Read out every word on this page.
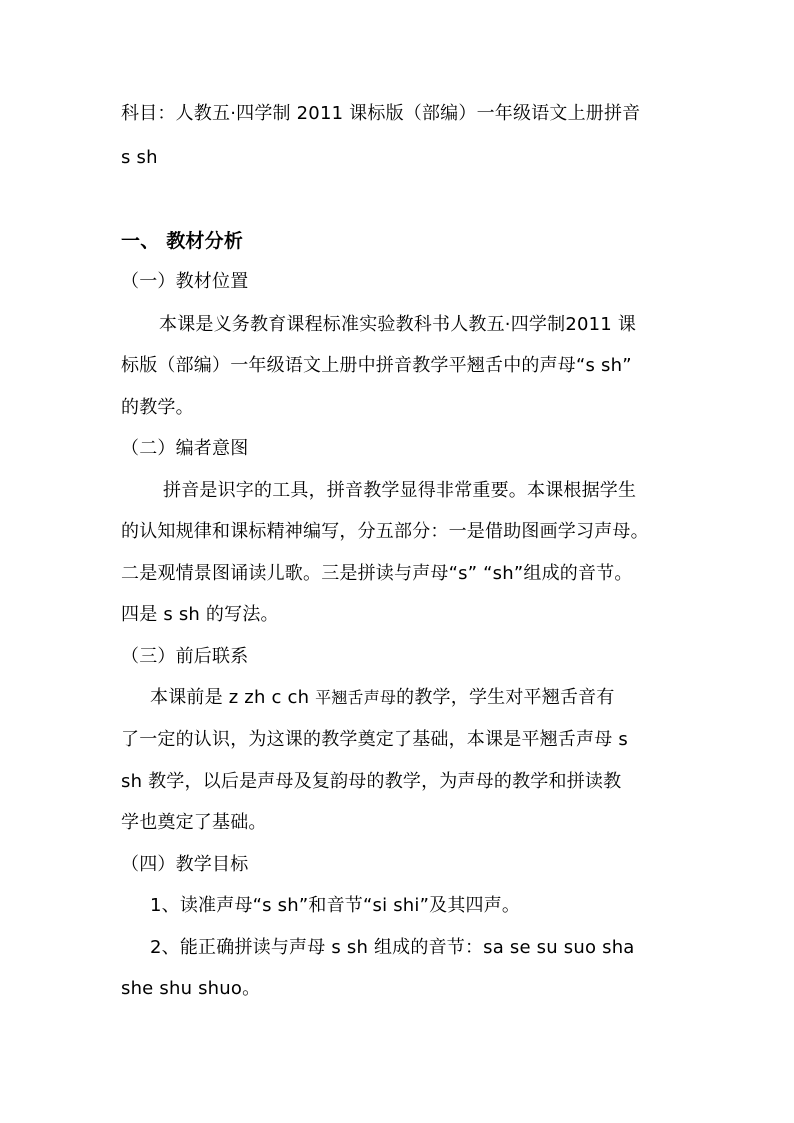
科目：人教五·四学制 2011 课标版（部编）一年级语文上册拼音
s sh
一、 教材分析
（一）教材位置
本课是义务教育课程标准实验教科书人教五·四学制2011 课
标版（部编）一年级语文上册中拼音教学平翘舌中的声母“s sh”
的教学。
（二）编者意图
拼音是识字的工具，拼音教学显得非常重要。本课根据学生
的认知规律和课标精神编写，分五部分：一是借助图画学习声母。
二是观情景图诵读儿歌。三是拼读与声母“s” “sh”组成的音节。
四是 s sh 的写法。
（三）前后联系
本课前是 z zh c ch 平翘舌声母的教学，学生对平翘舌音有
了一定的认识，为这课的教学奠定了基础，本课是平翘舌声母 s
sh 教学，以后是声母及复韵母的教学，为声母的教学和拼读教
学也奠定了基础。
（四）教学目标
1、读准声母“s sh”和音节“si shi”及其四声。
2、能正确拼读与声母 s sh 组成的音节：sa se su suo sha
she shu shuo。
